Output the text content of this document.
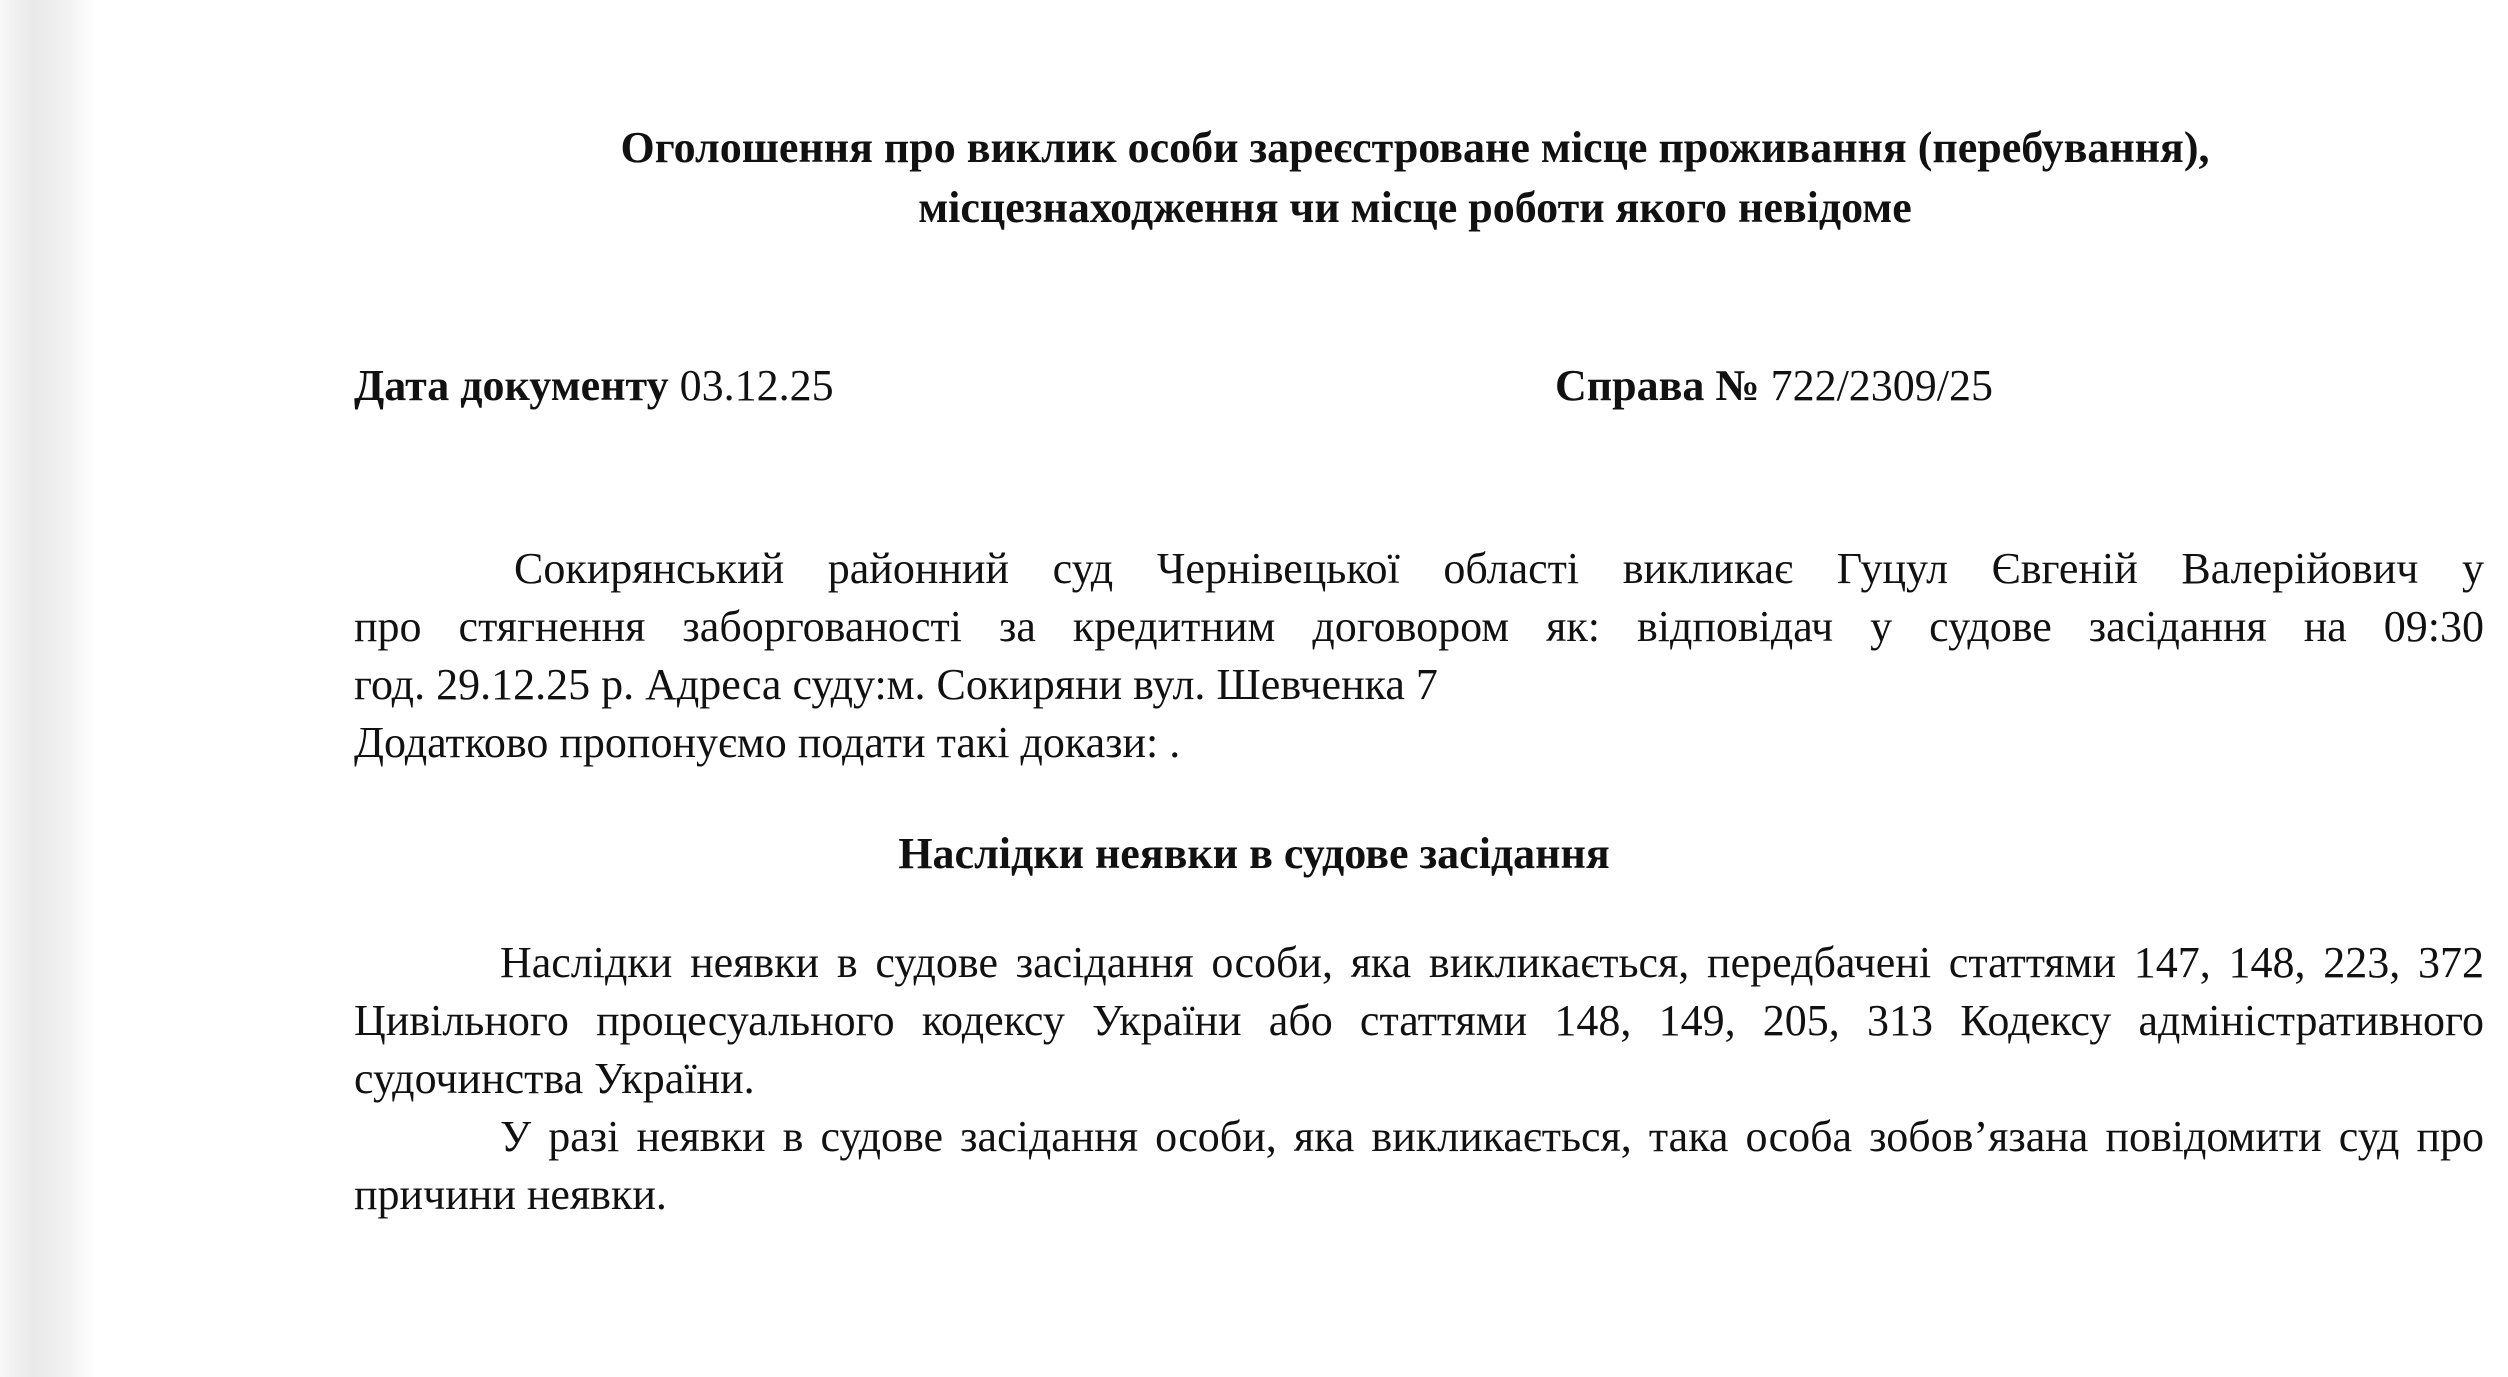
Оголошення про виклик особи зареєстроване місце проживання (перебування),
місцезнаходження чи місце роботи якого невідоме
Дата документу 03.12.25	Справа № 722/2309/25
Сокирянський районний суд Чернівецької області викликає Гуцул Євгеній Валерійович у
про стягнення заборгованості за кредитним договором як: відповідач у судове засідання на 09:30
год. 29.12.25 р. Адреса суду:м. Сокиряни вул. Шевченка 7
Додатково пропонуємо подати такі докази: .
Наслідки неявки в судове засідання

Наслідки неявки в судове засідання особи, яка викликається, передбачені статтями 147, 148, 223, 372 Цивільного процесуального кодексу України або статтями 148, 149, 205, 313 Кодексу адміністративного судочинства України.

У разі неявки в судове засідання особи, яка викликається, така особа зобов’язана повідомити суд про причини неявки.
